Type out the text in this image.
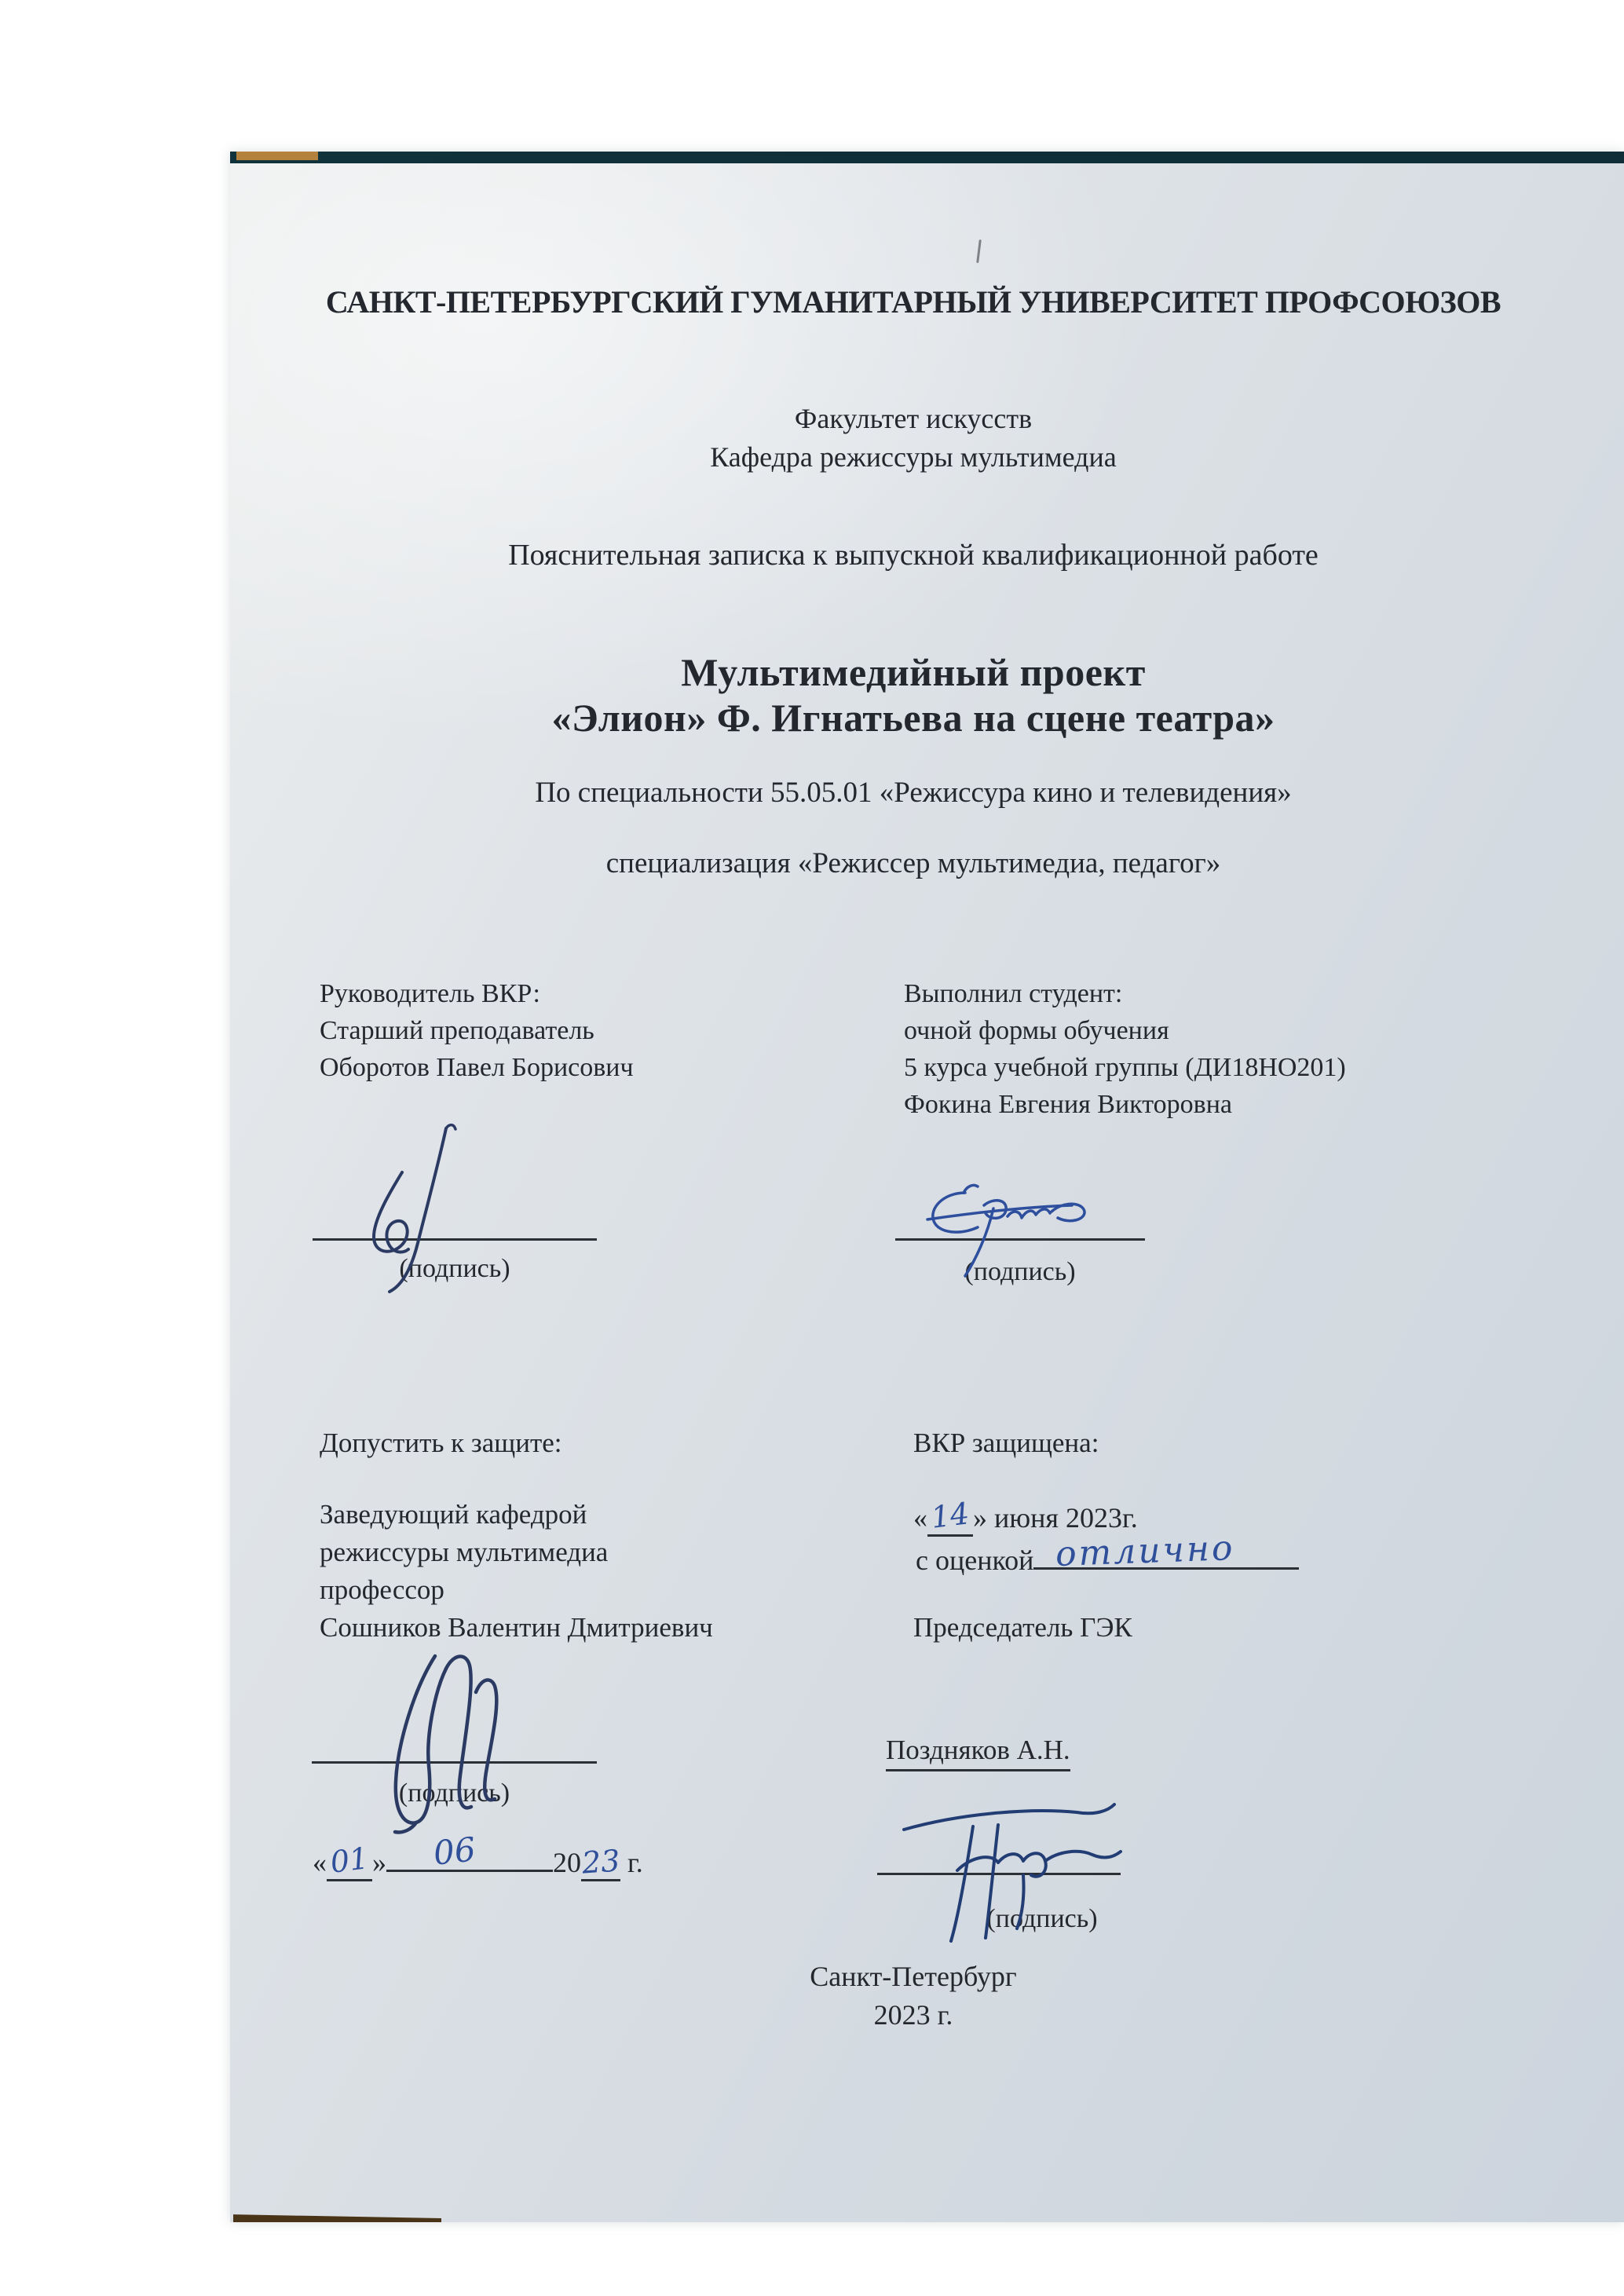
САНКТ-ПЕТЕРБУРГСКИЙ ГУМАНИТАРНЫЙ УНИВЕРСИТЕТ ПРОФСОЮЗОВ
Факультет искусств
Кафедра режиссуры мультимедиа
Пояснительная записка к выпускной квалификационной работе
Мультимедийный проект
«Элион» Ф. Игнатьева на сцене театра»
По специальности 55.05.01 «Режиссура кино и телевидения»
специализация «Режиссер мультимедиа, педагог»
Руководитель ВКР:
Старший преподаватель
Оборотов Павел Борисович
Выполнил студент:
очной формы обучения
5 курса учебной группы (ДИ18НО201)
Фокина Евгения Викторовна
(подпись)	(подпись)
Допустить к защите:	ВКР защищена:
Заведующий кафедрой
режиссуры мультимедиа
профессор
Сошников Валентин Дмитриевич
«14» июня 2023г.
с оценкой отлично
Председатель ГЭК
Поздняков А.Н.
(подпись)
«01» 06	2023 г.
(подпись)
Санкт-Петербург
2023 г.
